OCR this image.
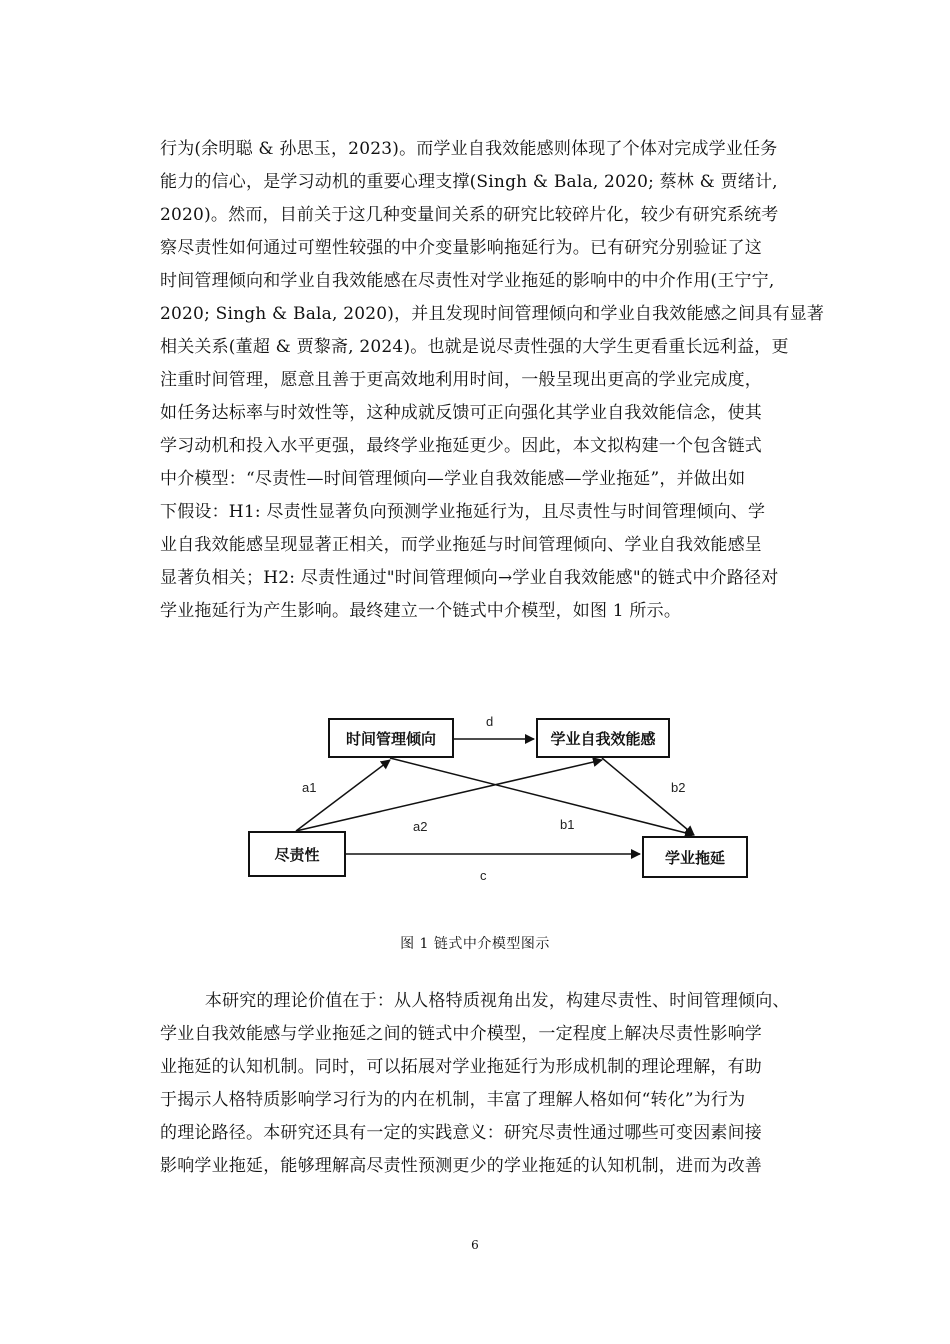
行为(余明聪 & 孙思玉，2023)。而学业自我效能感则体现了个体对完成学业任务
能力的信心，是学习动机的重要心理支撑(Singh & Bala, 2020; 蔡林 & 贾绪计,
2020)。然而，目前关于这几种变量间关系的研究比较碎片化，较少有研究系统考
察尽责性如何通过可塑性较强的中介变量影响拖延行为。已有研究分别验证了这
时间管理倾向和学业自我效能感在尽责性对学业拖延的影响中的中介作用(王宁宁,
2020; Singh & Bala, 2020)，并且发现时间管理倾向和学业自我效能感之间具有显著
相关关系(董超 & 贾黎斋, 2024)。也就是说尽责性强的大学生更看重长远利益，更
注重时间管理，愿意且善于更高效地利用时间，一般呈现出更高的学业完成度，
如任务达标率与时效性等，这种成就反馈可正向强化其学业自我效能信念，使其
学习动机和投入水平更强，最终学业拖延更少。因此，本文拟构建一个包含链式
中介模型：“尽责性—时间管理倾向—学业自我效能感—学业拖延”，并做出如
下假设：H1: 尽责性显著负向预测学业拖延行为，且尽责性与时间管理倾向、学
业自我效能感呈现显著正相关，而学业拖延与时间管理倾向、学业自我效能感呈
显著负相关；H2: 尽责性通过"时间管理倾向→学业自我效能感"的链式中介路径对
学业拖延行为产生影响。最终建立一个链式中介模型，如图 1 所示。
时间管理倾向	学业自我效能感
尽责性	学业拖延
d
a1
a2	b1
b2
c
图 1 链式中介模型图示
本研究的理论价值在于：从人格特质视角出发，构建尽责性、时间管理倾向、
学业自我效能感与学业拖延之间的链式中介模型，一定程度上解决尽责性影响学
业拖延的认知机制。同时，可以拓展对学业拖延行为形成机制的理论理解，有助
于揭示人格特质影响学习行为的内在机制，丰富了理解人格如何“转化”为行为
的理论路径。本研究还具有一定的实践意义：研究尽责性通过哪些可变因素间接
影响学业拖延，能够理解高尽责性预测更少的学业拖延的认知机制，进而为改善
6
